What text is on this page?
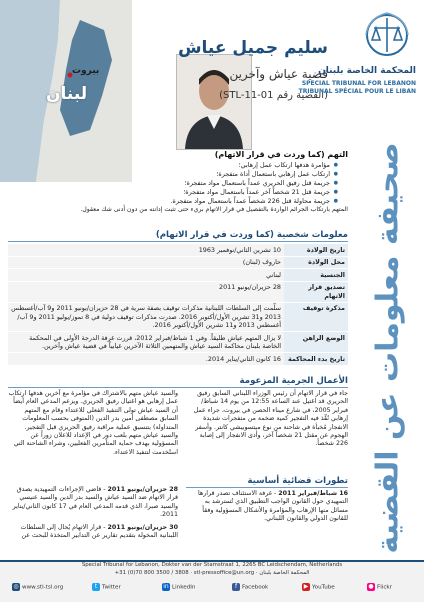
بيروت
لبنان
سليم جميل عياش
قضية عياش وآخرين
(القضية رقم STL-11-01)
المحكمة الخاصة بلبنان
SPECIAL TRIBUNAL FOR LEBANON
TRIBUNAL SPÉCIAL POUR LE LIBAN
صحيفة معلومات عن القضية
التهم (كما وردت في قرار الاتهام)
● مؤامرة هدفها ارتكاب عمل إرهابي؛
● ارتكاب عمل إرهابي باستعمال أداة متفجرة؛
● جريمة قتل رفيق الحريري عمداً باستعمال مواد متفجرة؛
● جريمة قتل 21 شخصاً آخر عمداً باستعمال مواد متفجرة؛
● جريمة محاولة قتل 226 شخصاً عمداً باستعمال مواد متفجرة.
المتهم بارتكاب الجرائم الواردة بالتفصيل في قرار الاتهام بريء حتى تثبت إدانته من دون أدنى شك معقول.
معلومات شخصية (كما وردت في قرار الاتهام)
تاريخ الولادة	10 تشرين الثاني/نوفمبر 1963
محل الولادة	حاروف (لبنان)
الجنسية	لبناني
تصديق قرار الاتهام	28 حزيران/يونيو 2011
مذكرة توقيف	سلّمت إلى السلطات اللبنانية مذكرات توقيف بصفة سرية في 28 حزيران/يونيو 2011 و9 آب/أغسطس 2013 و31 تشرين الأول/أكتوبر 2016. صدرت مذكرات توقيف دولية في 8 تموز/يوليو 2011 و9 آب/أغسطس 2013 و11 تشرين الأول/أكتوبر 2016.
الوضع الراهن	لا يزال المتهم عياش طليقاً. وفي 1 شباط/فبراير 2012، قررت غرفة الدرجة الأولى في المحكمة الخاصة بلبنان محاكمة السيد عياش والمتهمين الثلاثة الآخرين غيابياً في قضية عياش وآخرين.
تاريخ بدء المحاكمة	16 كانون الثاني/يناير 2014.
الأعمال الجرمية المزعومة
جاء في قرار الاتهام أن رئيس الوزراء اللبناني السابق رفيق الحريري قد اغتيل عند الساعة 12:55 من يوم 14 شباط/فبراير 2005، في شارع ميناء الحصن في بيروت، جراء عمل إرهابي نُفِّذ فيه التفجير كمية ضخمة من متفجرات شديدة الانفجار مُخبأة في شاحنة من نوع ميتسوبيشي كانتر. وأسفر الهجوم عن مقتل 21 شخصاً آخر، وأدى الانفجار إلى إصابة 226 شخصاً.
والسيد عياش متهم بالاشتراك في مؤامرة مع آخرين هدفها ارتكاب عمل إرهابي هو اغتيال رفيق الحريري. ويزعم المدعي العام أيضاً أن السيد عياش تولى التنفيذ الفعلي للاعتداء وقام مع المتهم السابق مصطفى أمين بدر الدين (المتوفى بحسب المعلومات المتداولة) بتنسيق عملية مراقبة رفيق الحريري قبل التفجير. والسيد عياش متهم بلعب دور في الإعداد للاعلان زوراً عن المسؤولية بهدف حماية المتآمرين الفعليين، وشراء الشاحنة التي استُخدمت لتنفيذ الاعتداء.
تطورات قضائية أساسية
16 شباط/فبراير 2011 - غرفة الاستئناف تصدر قرارها التمهيدي حول القانون الواجب التطبيق الذي تُسترشد به مسائل منها الإرهاب والمؤامرة والأشكال المسؤولية وفقاً للقانون الدولي والقانون اللبناني.
28 حزيران/يونيو 2011 - قاضي الإجراءات التمهيدية يصدق قرار الاتهام ضد السيد عياش والسيد بدر الدين والسيد عنيسي والسيد صبرا، الذي قدمه المدعي العام في 17 كانون الثاني/يناير 2011.
30 حزيران/يونيو 2011 - قرار الاتهام يُحال إلى السلطات اللبنانية المخولة بتقديم تقارير عن التدابير المتخذة للبحث عن
Special Tribunal for Lebanon, Dokter van der Stamstraat 1, 2265 BC Leidschendam, Netherlands
+31 (0)70 800 3500 / 3808 · stl-pressoffice@un.org · المحكمة الخاصة بلبنان
◎ www.stl-tsl.org	t Twitter	in LinkedIn	f Facebook	▶ YouTube	● Flickr
